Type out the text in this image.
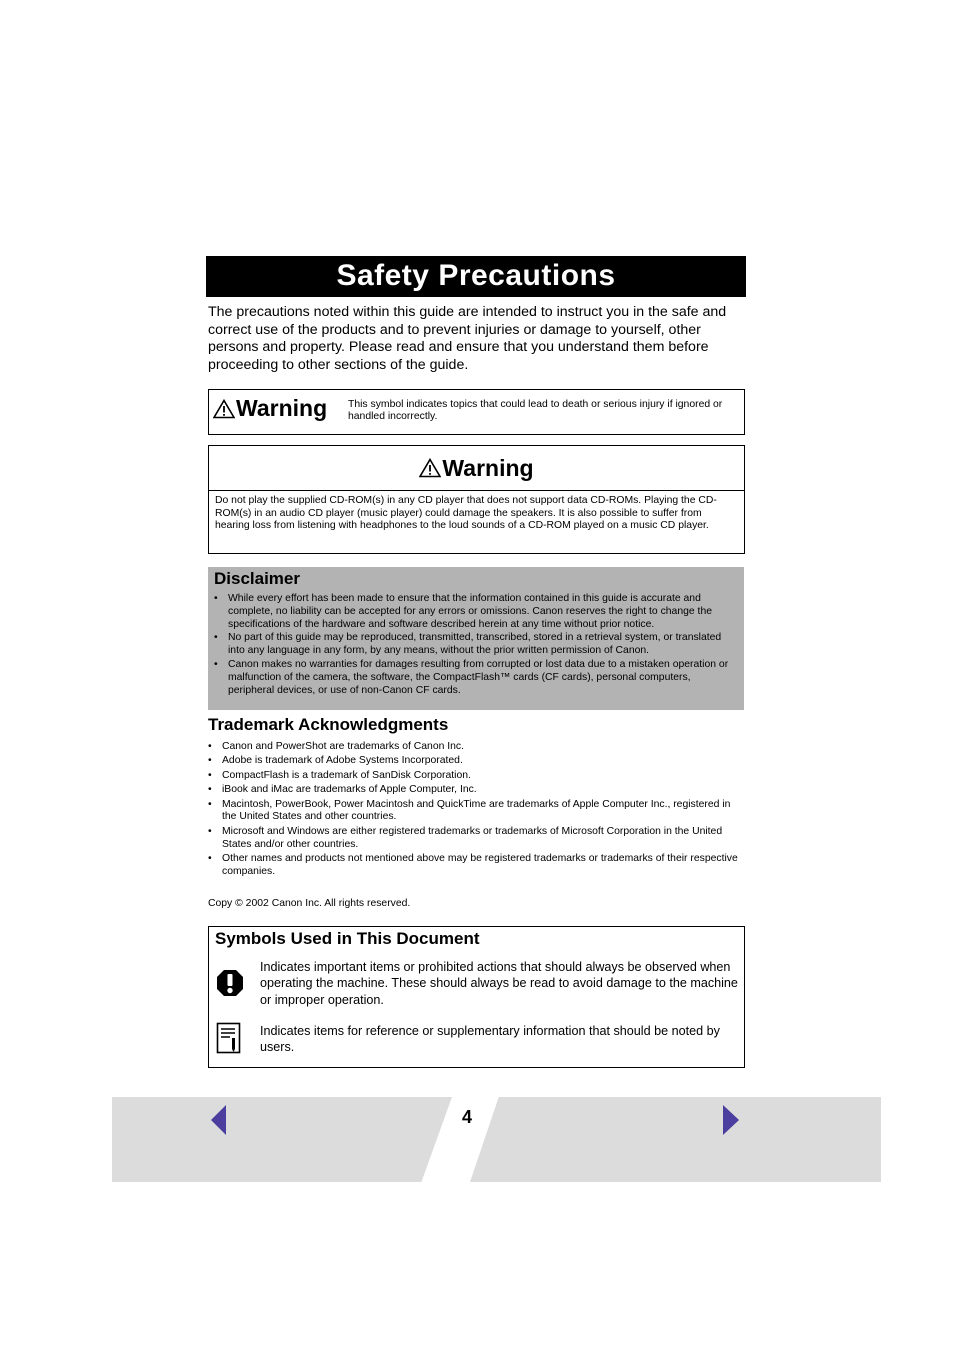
Safety Precautions
The precautions noted within this guide are intended to instruct you in the safe and correct use of the products and to prevent injuries or damage to yourself, other persons and property. Please read and ensure that you understand them before proceeding to other sections of the guide.
Warning This symbol indicates topics that could lead to death or serious injury if ignored or handled incorrectly.
Warning
Do not play the supplied CD-ROM(s) in any CD player that does not support data CD-ROMs. Playing the CD-ROM(s) in an audio CD player (music player) could damage the speakers. It is also possible to suffer from hearing loss from listening with headphones to the loud sounds of a CD-ROM played on a music CD player.
Disclaimer
• While every effort has been made to ensure that the information contained in this guide is accurate and complete, no liability can be accepted for any errors or omissions. Canon reserves the right to change the specifications of the hardware and software described herein at any time without prior notice.
• No part of this guide may be reproduced, transmitted, transcribed, stored in a retrieval system, or translated into any language in any form, by any means, without the prior written permission of Canon.
• Canon makes no warranties for damages resulting from corrupted or lost data due to a mistaken operation or malfunction of the camera, the software, the CompactFlash™ cards (CF cards), personal computers, peripheral devices, or use of non-Canon CF cards.
Trademark Acknowledgments
• Canon and PowerShot are trademarks of Canon Inc.
• Adobe is trademark of Adobe Systems Incorporated.
• CompactFlash is a trademark of SanDisk Corporation.
• iBook and iMac are trademarks of Apple Computer, Inc.
• Macintosh, PowerBook, Power Macintosh and QuickTime are trademarks of Apple Computer Inc., registered in the United States and other countries.
• Microsoft and Windows are either registered trademarks or trademarks of Microsoft Corporation in the United States and/or other countries.
• Other names and products not mentioned above may be registered trademarks or trademarks of their respective companies.
Copy © 2002 Canon Inc. All rights reserved.
Symbols Used in This Document
Indicates important items or prohibited actions that should always be observed when operating the machine. These should always be read to avoid damage to the machine or improper operation.
Indicates items for reference or supplementary information that should be noted by users.
4
